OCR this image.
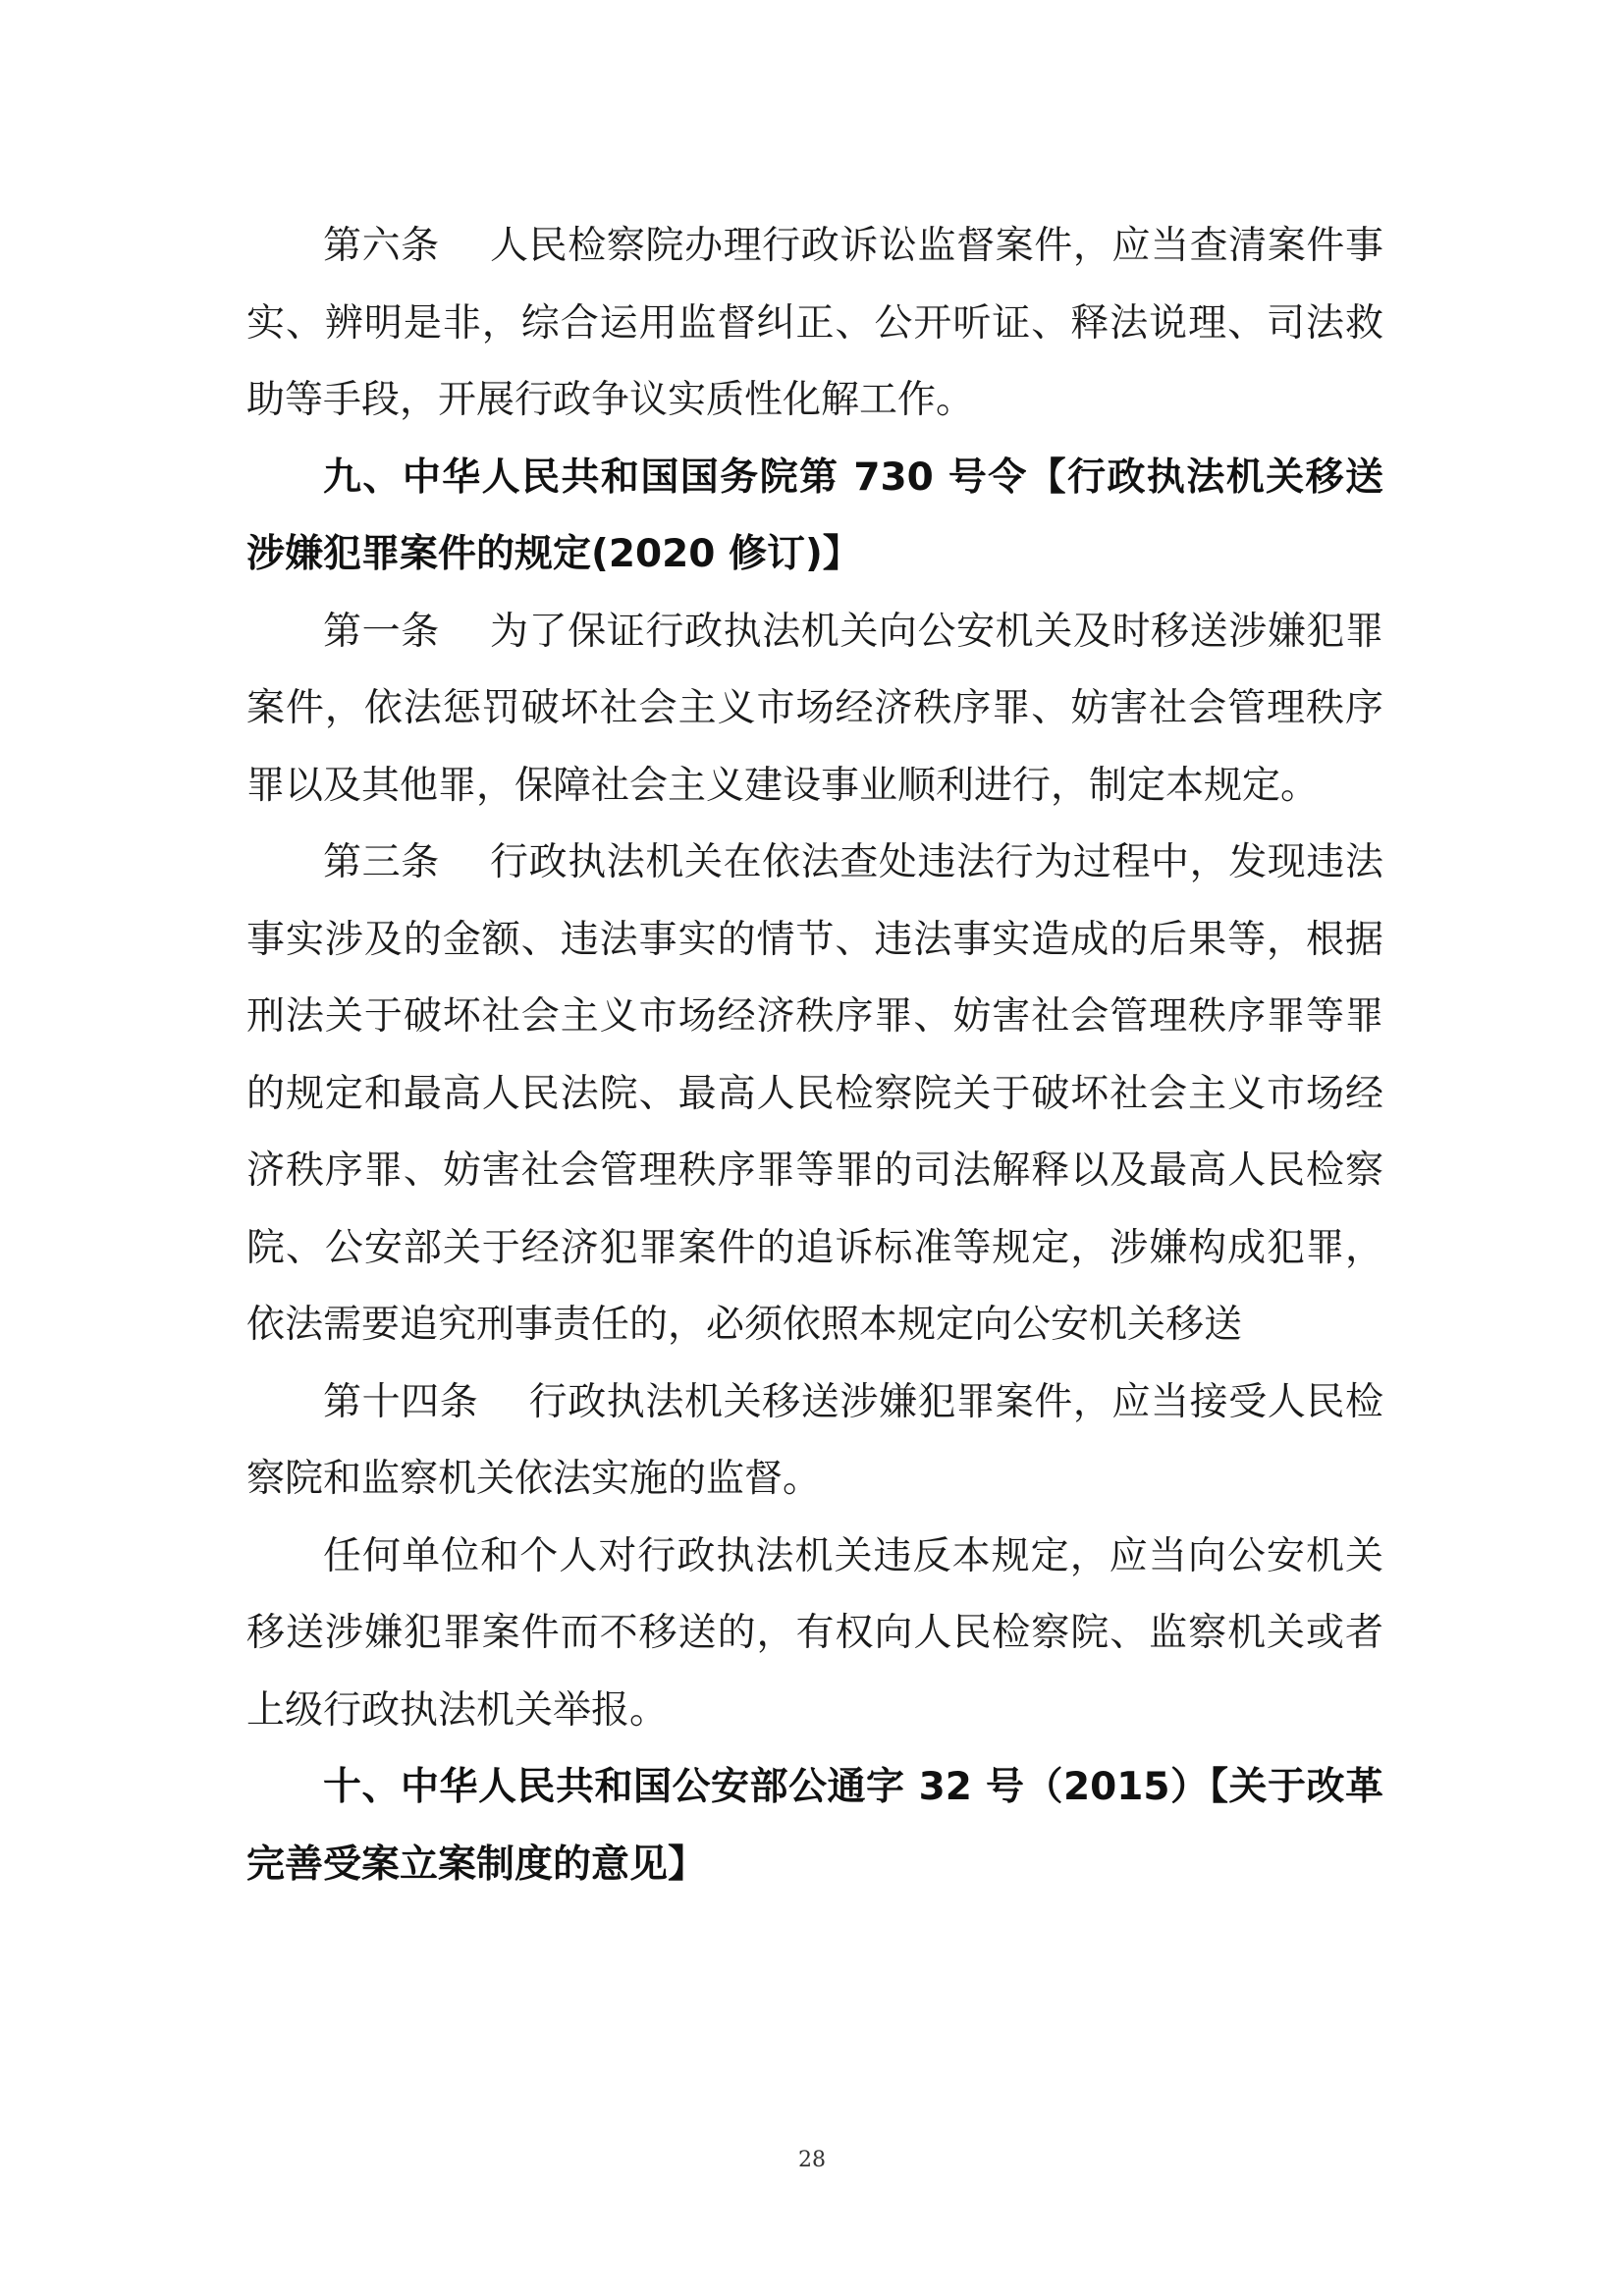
第六条 人民检察院办理行政诉讼监督案件，应当查清案件事实、辨明是非，综合运用监督纠正、公开听证、释法说理、司法救助等手段，开展行政争议实质性化解工作。

九、中华人民共和国国务院第 730 号令【行政执法机关移送涉嫌犯罪案件的规定(2020 修订)】

第一条 为了保证行政执法机关向公安机关及时移送涉嫌犯罪案件，依法惩罚破坏社会主义市场经济秩序罪、妨害社会管理秩序罪以及其他罪，保障社会主义建设事业顺利进行，制定本规定。

第三条 行政执法机关在依法查处违法行为过程中，发现违法事实涉及的金额、违法事实的情节、违法事实造成的后果等，根据刑法关于破坏社会主义市场经济秩序罪、妨害社会管理秩序罪等罪的规定和最高人民法院、最高人民检察院关于破坏社会主义市场经济秩序罪、妨害社会管理秩序罪等罪的司法解释以及最高人民检察院、公安部关于经济犯罪案件的追诉标准等规定，涉嫌构成犯罪，依法需要追究刑事责任的，必须依照本规定向公安机关移送

第十四条 行政执法机关移送涉嫌犯罪案件，应当接受人民检察院和监察机关依法实施的监督。

任何单位和个人对行政执法机关违反本规定，应当向公安机关移送涉嫌犯罪案件而不移送的，有权向人民检察院、监察机关或者上级行政执法机关举报。

十、中华人民共和国公安部公通字 32 号（2015）【关于改革完善受案立案制度的意见】

28
